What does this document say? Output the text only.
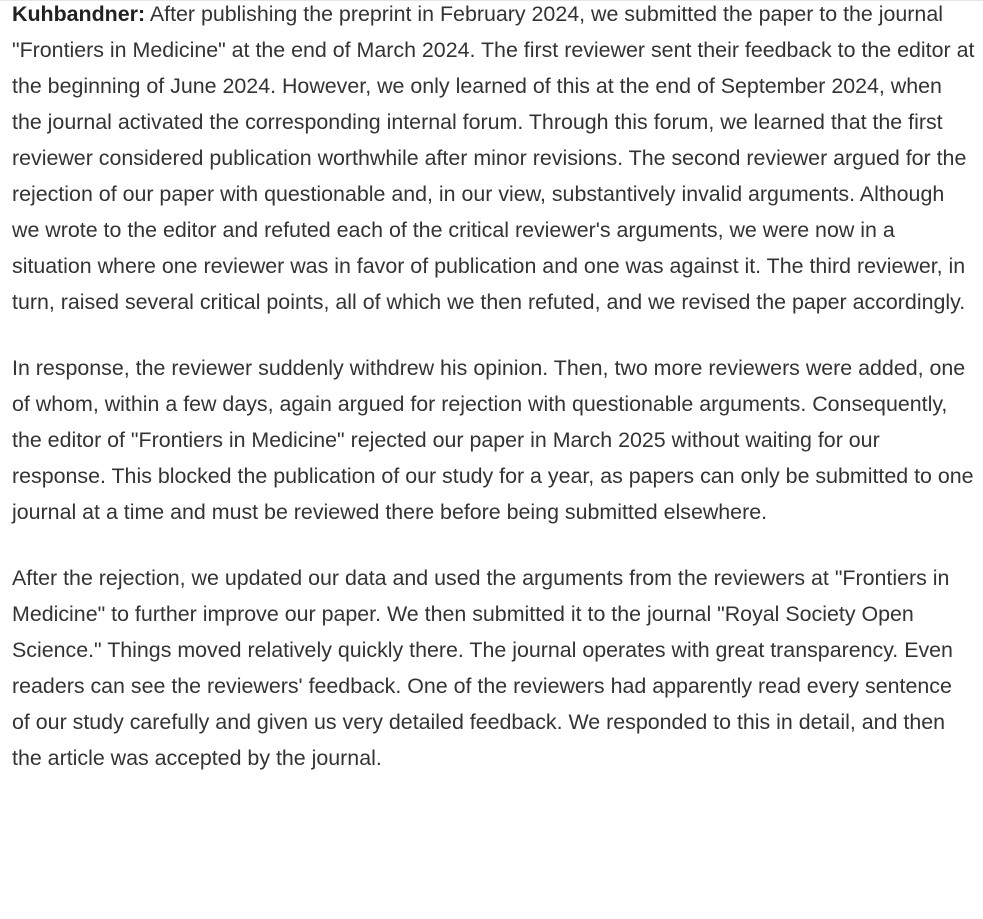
Kuhbandner: After publishing the preprint in February 2024, we submitted the paper to the journal "Frontiers in Medicine" at the end of March 2024. The first reviewer sent their feedback to the editor at the beginning of June 2024. However, we only learned of this at the end of September 2024, when the journal activated the corresponding internal forum. Through this forum, we learned that the first reviewer considered publication worthwhile after minor revisions. The second reviewer argued for the rejection of our paper with questionable and, in our view, substantively invalid arguments. Although we wrote to the editor and refuted each of the critical reviewer's arguments, we were now in a situation where one reviewer was in favor of publication and one was against it. The third reviewer, in turn, raised several critical points, all of which we then refuted, and we revised the paper accordingly.

In response, the reviewer suddenly withdrew his opinion. Then, two more reviewers were added, one of whom, within a few days, again argued for rejection with questionable arguments. Consequently, the editor of "Frontiers in Medicine" rejected our paper in March 2025 without waiting for our response. This blocked the publication of our study for a year, as papers can only be submitted to one journal at a time and must be reviewed there before being submitted elsewhere.

After the rejection, we updated our data and used the arguments from the reviewers at "Frontiers in Medicine" to further improve our paper. We then submitted it to the journal "Royal Society Open Science." Things moved relatively quickly there. The journal operates with great transparency. Even readers can see the reviewers' feedback. One of the reviewers had apparently read every sentence of our study carefully and given us very detailed feedback. We responded to this in detail, and then the article was accepted by the journal.
